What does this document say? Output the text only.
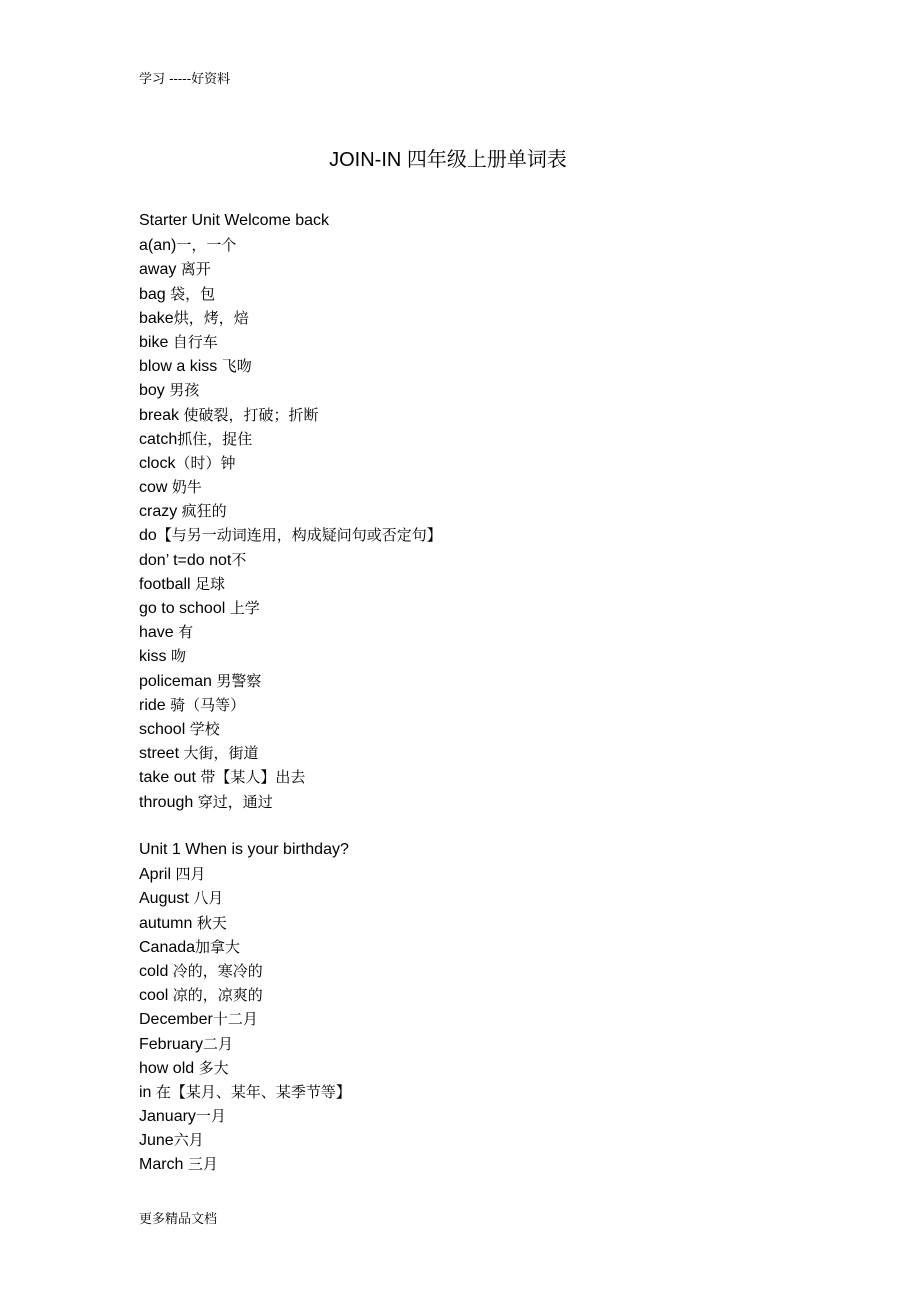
学习 -----好资料
JOIN-IN 四年级上册单词表
Starter Unit Welcome back
a(an)一，一个
away 离开
bag 袋，包
bake烘，烤，焙
bike 自行车
blow a kiss 飞吻
boy 男孩
break 使破裂，打破；折断
catch抓住，捉住
clock（时）钟
cow 奶牛
crazy 疯狂的
do【与另一动词连用，构成疑问句或否定句】
don’ t=do not不
football 足球
go to school 上学
have 有
kiss 吻
policeman 男警察
ride 骑（马等）
school 学校
street 大街，街道
take out 带【某人】出去
through 穿过，通过
Unit 1 When is your birthday?
April 四月
August 八月
autumn 秋天
Canada加拿大
cold 冷的，寒冷的
cool 凉的，凉爽的
December十二月
February二月
how old 多大
in 在【某月、某年、某季节等】
January一月
June六月
March 三月
更多精品文档
